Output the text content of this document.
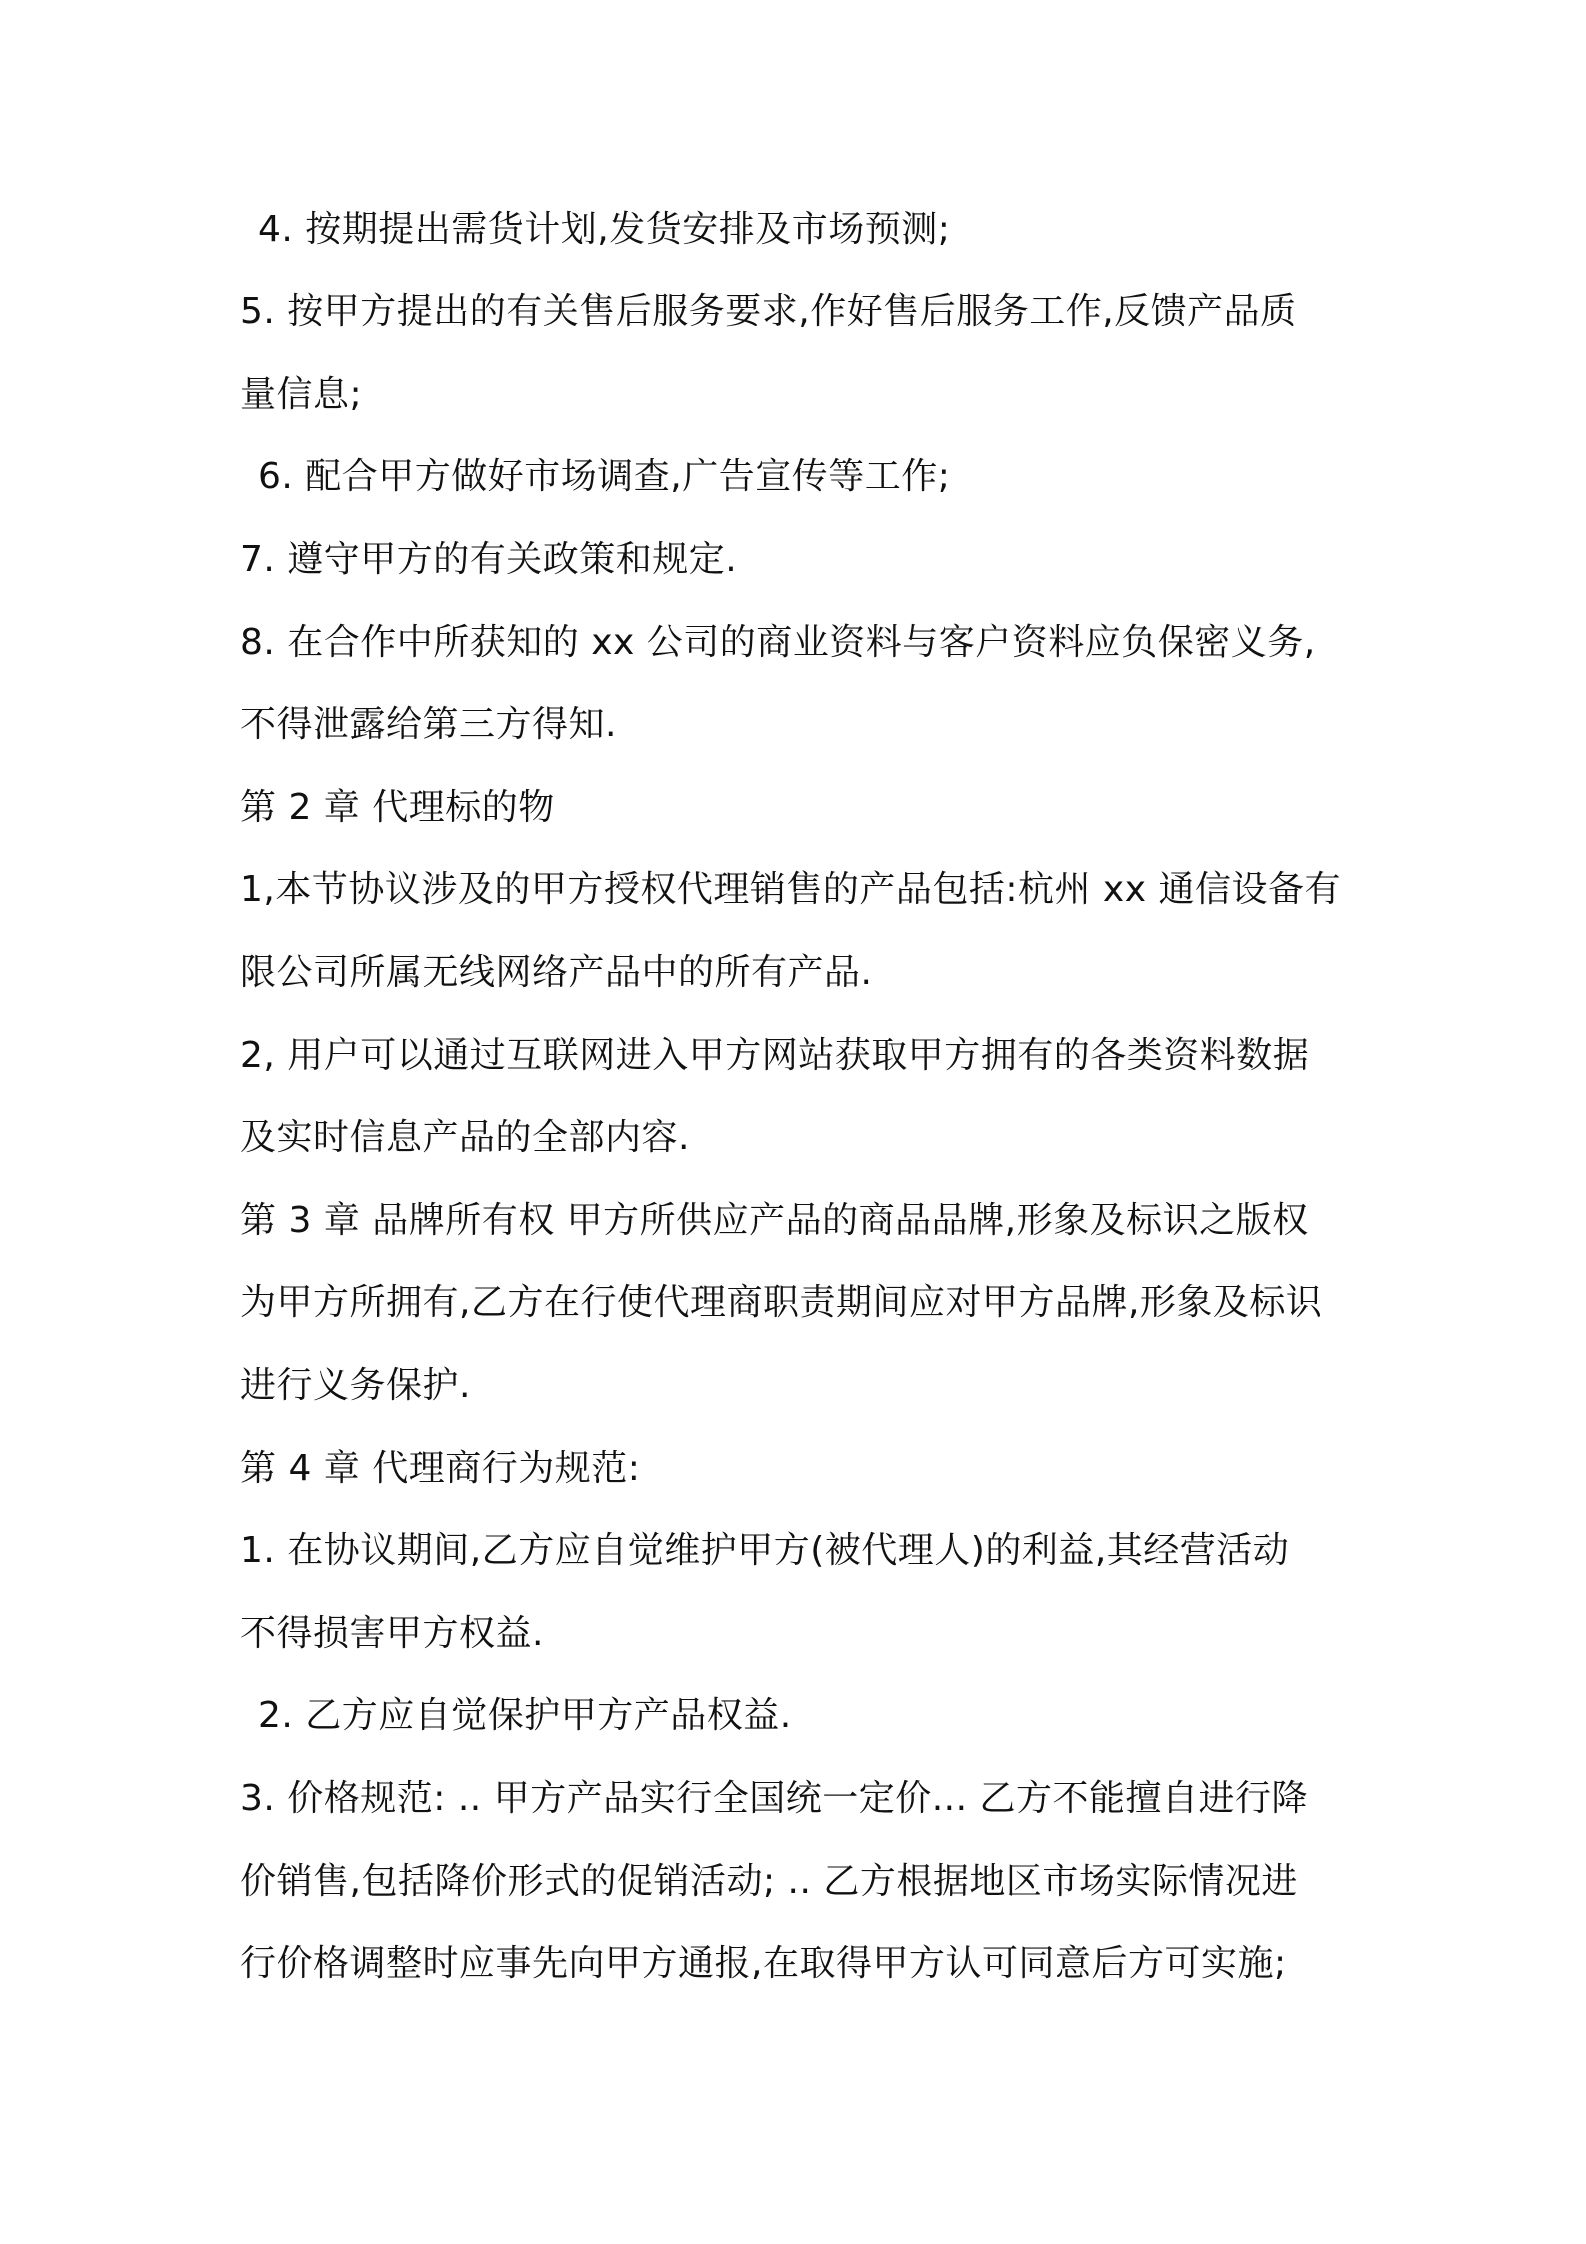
4. 按期提出需货计划,发货安排及市场预测;
5. 按甲方提出的有关售后服务要求,作好售后服务工作,反馈产品质
量信息;
6. 配合甲方做好市场调查,广告宣传等工作;
7. 遵守甲方的有关政策和规定.
8. 在合作中所获知的 xx 公司的商业资料与客户资料应负保密义务,
不得泄露给第三方得知.
第 2 章 代理标的物
1,本节协议涉及的甲方授权代理销售的产品包括:杭州 xx 通信设备有
限公司所属无线网络产品中的所有产品.
2, 用户可以通过互联网进入甲方网站获取甲方拥有的各类资料数据
及实时信息产品的全部内容.
第 3 章 品牌所有权 甲方所供应产品的商品品牌,形象及标识之版权
为甲方所拥有,乙方在行使代理商职责期间应对甲方品牌,形象及标识
进行义务保护.
第 4 章 代理商行为规范:
1. 在协议期间,乙方应自觉维护甲方(被代理人)的利益,其经营活动
不得损害甲方权益.
2. 乙方应自觉保护甲方产品权益.
3. 价格规范: .. 甲方产品实行全国统一定价... 乙方不能擅自进行降
价销售,包括降价形式的促销活动; .. 乙方根据地区市场实际情况进
行价格调整时应事先向甲方通报,在取得甲方认可同意后方可实施;
